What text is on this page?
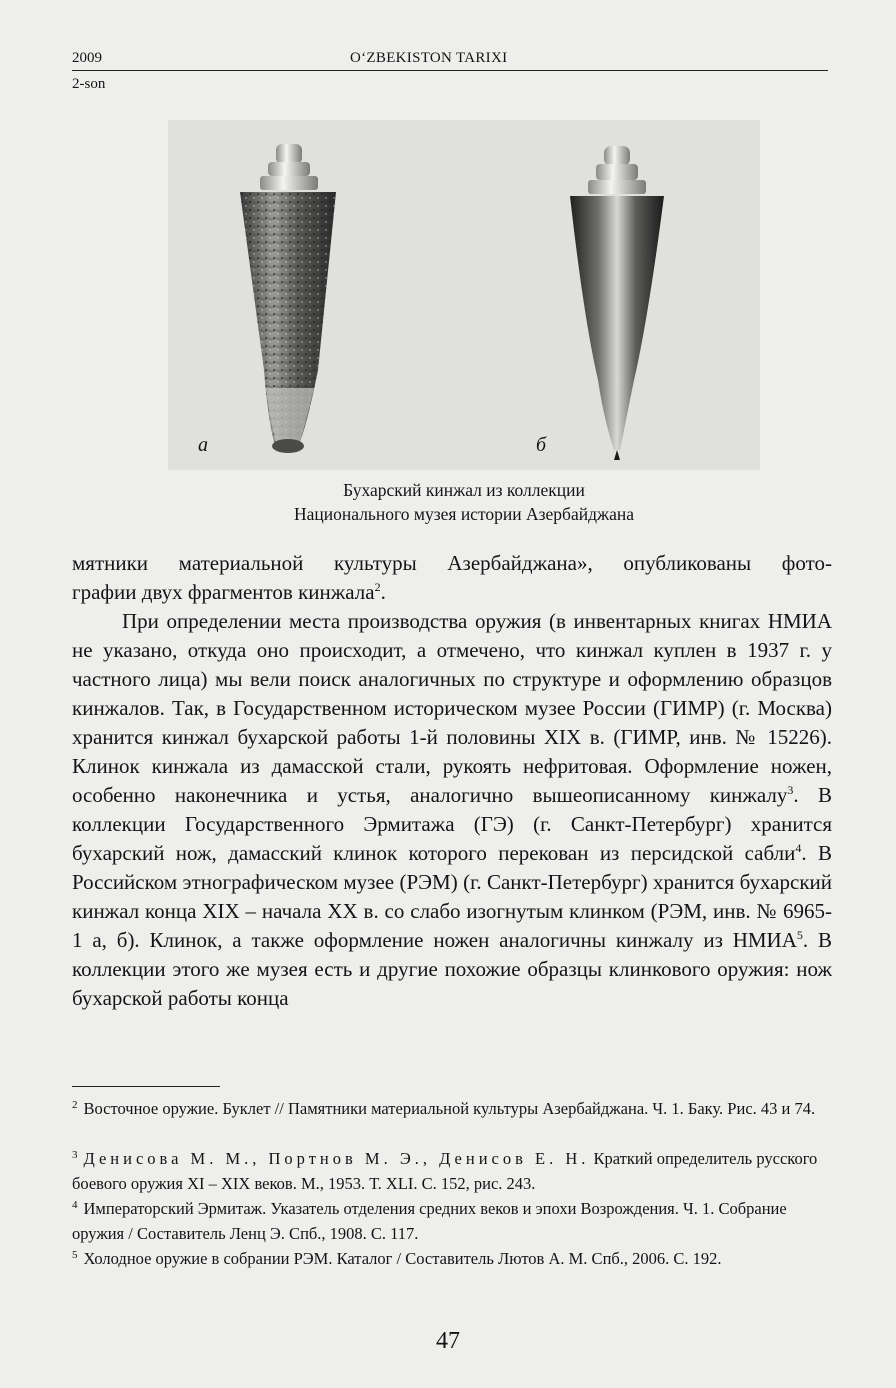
2009	O‘ZBEKISTON TARIXI
2-son
а	б
Бухарский кинжал из коллекции
Национального музея истории Азербайджана

мятники материальной культуры Азербайджана», опубликованы фото-

графии двух фрагментов кинжала$^2$.

При определении места производства оружия (в инвентарных книгах НМИА не указано, откуда оно происходит, а отмечено, что кинжал куплен в 1937 г. у частного лица) мы вели поиск аналогичных по структуре и оформлению образцов кинжалов. Так, в Государственном историческом музее России (ГИМР) (г. Москва) хранится кинжал бухарской работы 1-й половины XIX в. (ГИМР, инв. № 15226). Клинок кинжала из дамасской стали, рукоять нефритовая. Оформление ножен, особенно наконечника и устья, аналогично вышеописанному кинжалу$^3$. В коллекции Государственного Эрмитажа (ГЭ) (г. Санкт-Петербург) хранится бухарский нож, дамасский клинок которого перекован из персидской сабли$^4$. В Российском этнографическом музее (РЭМ) (г. Санкт-Петербург) хранится бухарский кинжал конца XIX – начала XX в. со слабо изогнутым клинком (РЭМ, инв. № 6965-1 а, б). Клинок, а также оформление ножен аналогичны кинжалу из НМИА$^5$. В коллекции этого же музея есть и другие похожие образцы клинкового оружия: нож бухарской работы конца

$^2$ Восточное оружие. Буклет // Памятники материальной культуры Азербайджана. Ч. 1. Баку. Рис. 43 и 74.
$^3$ Денисова М. М., Портнов М. Э., Денисов Е. Н. Краткий определитель русского боевого оружия XI – XIX веков. М., 1953. Т. XLI. С. 152, рис. 243.
$^4$ Императорский Эрмитаж. Указатель отделения средних веков и эпохи Возрождения. Ч. 1. Собрание оружия / Составитель Ленц Э. Спб., 1908. С. 117.
$^5$ Холодное оружие в собрании РЭМ. Каталог / Составитель Лютов А. М. Спб., 2006. С. 192.
47
